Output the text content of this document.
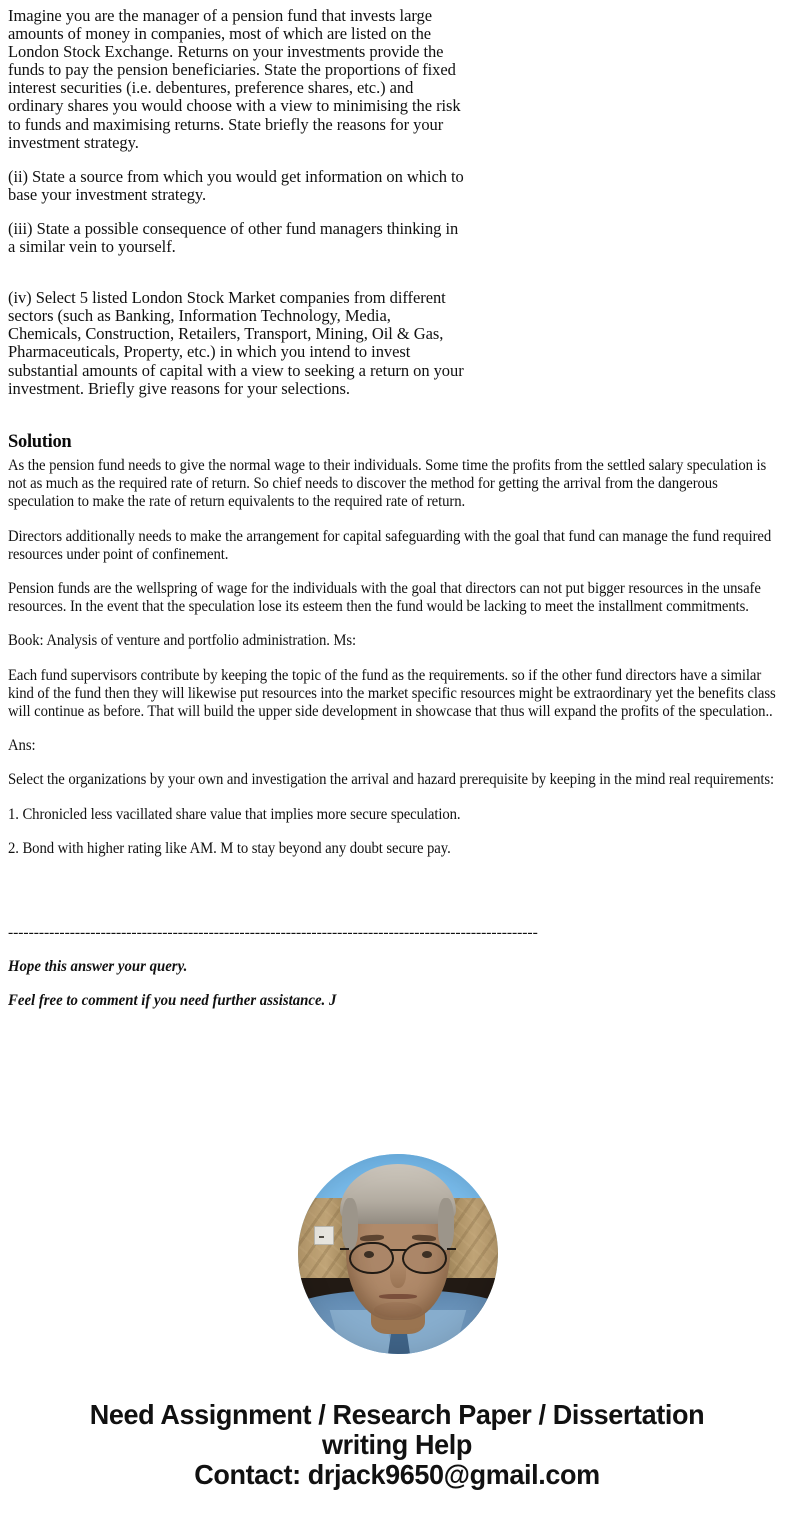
Imagine you are the manager of a pension fund that invests large amounts of money in companies, most of which are listed on the London Stock Exchange. Returns on your investments provide the funds to pay the pension beneficiaries. State the proportions of fixed interest securities (i.e. debentures, preference shares, etc.) and ordinary shares you would choose with a view to minimising the risk to funds and maximising returns. State briefly the reasons for your investment strategy.

(ii) State a source from which you would get information on which to base your investment strategy.

(iii) State a possible consequence of other fund managers thinking in a similar vein to yourself.

(iv) Select 5 listed London Stock Market companies from different sectors (such as Banking, Information Technology, Media, Chemicals, Construction, Retailers, Transport, Mining, Oil & Gas, Pharmaceuticals, Property, etc.) in which you intend to invest substantial amounts of capital with a view to seeking a return on your investment. Briefly give reasons for your selections.

Solution

As the pension fund needs to give the normal wage to their individuals. Some time the profits from the settled salary speculation is not as much as the required rate of return. So chief needs to discover the method for getting the arrival from the dangerous speculation to make the rate of return equivalents to the required rate of return.

Directors additionally needs to make the arrangement for capital safeguarding with the goal that fund can manage the fund required resources under point of confinement.

Pension funds are the wellspring of wage for the individuals with the goal that directors can not put bigger resources in the unsafe resources. In the event that the speculation lose its esteem then the fund would be lacking to meet the installment commitments.

Book: Analysis of venture and portfolio administration. Ms:

Each fund supervisors contribute by keeping the topic of the fund as the requirements. so if the other fund directors have a similar kind of the fund then they will likewise put resources into the market specific resources might be extraordinary yet the benefits class will continue as before. That will build the upper side development in showcase that thus will expand the profits of the speculation..

Ans:

Select the organizations by your own and investigation the arrival and hazard prerequisite by keeping in the mind real requirements:

1. Chronicled less vacillated share value that implies more secure speculation.

2. Bond with higher rating like AM. M to stay beyond any doubt secure pay.

-------------------------------------------------------------------------------------------------------

Hope this answer your query.

Feel free to comment if you need further assistance. J

Need Assignment / Research Paper / Dissertation
writing Help
Contact: drjack9650@gmail.com
